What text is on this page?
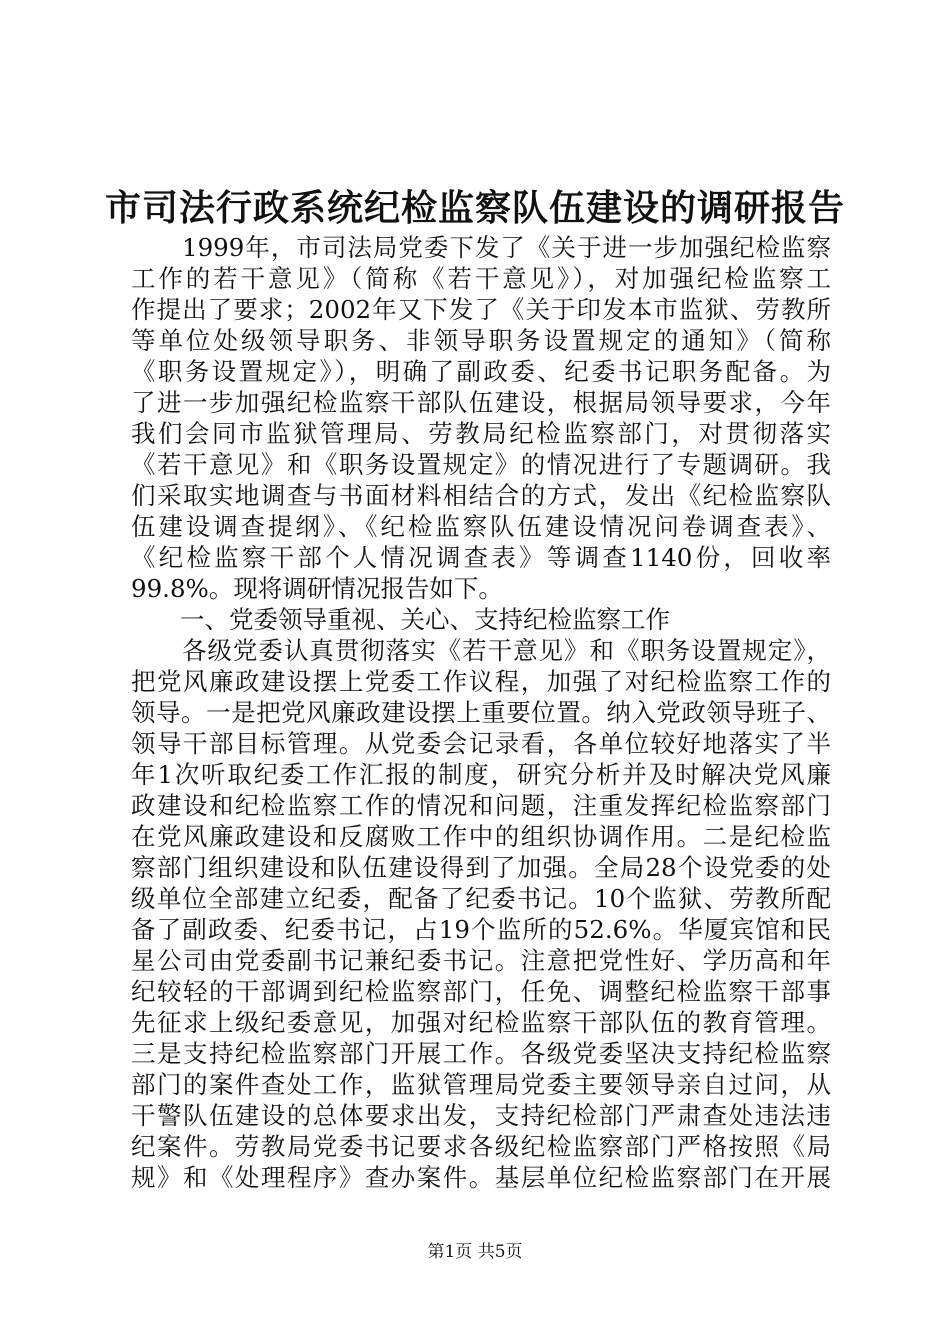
市司法行政系统纪检监察队伍建设的调研报告
　　1999年，市司法局党委下发了《关于进一步加强纪检监察
工作的若干意见》（简称《若干意见》），对加强纪检监察工
作提出了要求；2002年又下发了《关于印发本市监狱、劳教所
等单位处级领导职务、非领导职务设置规定的通知》（简称
《职务设置规定》），明确了副政委、纪委书记职务配备。为
了进一步加强纪检监察干部队伍建设，根据局领导要求，今年
我们会同市监狱管理局、劳教局纪检监察部门，对贯彻落实
《若干意见》和《职务设置规定》的情况进行了专题调研。我
们采取实地调查与书面材料相结合的方式，发出《纪检监察队
伍建设调查提纲》、《纪检监察队伍建设情况问卷调查表》、
《纪检监察干部个人情况调查表》等调查1140份，回收率
99.8%。现将调研情况报告如下。
　　一、党委领导重视、关心、支持纪检监察工作
　　各级党委认真贯彻落实《若干意见》和《职务设置规定》，
把党风廉政建设摆上党委工作议程，加强了对纪检监察工作的
领导。一是把党风廉政建设摆上重要位置。纳入党政领导班子、
领导干部目标管理。从党委会记录看，各单位较好地落实了半
年1次听取纪委工作汇报的制度，研究分析并及时解决党风廉
政建设和纪检监察工作的情况和问题，注重发挥纪检监察部门
在党风廉政建设和反腐败工作中的组织协调作用。二是纪检监
察部门组织建设和队伍建设得到了加强。全局28个设党委的处
级单位全部建立纪委，配备了纪委书记。10个监狱、劳教所配
备了副政委、纪委书记，占19个监所的52.6%。华厦宾馆和民
星公司由党委副书记兼纪委书记。注意把党性好、学历高和年
纪较轻的干部调到纪检监察部门，任免、调整纪检监察干部事
先征求上级纪委意见，加强对纪检监察干部队伍的教育管理。
三是支持纪检监察部门开展工作。各级党委坚决支持纪检监察
部门的案件查处工作，监狱管理局党委主要领导亲自过问，从
干警队伍建设的总体要求出发，支持纪检部门严肃查处违法违
纪案件。劳教局党委书记要求各级纪检监察部门严格按照《局
规》和《处理程序》查办案件。基层单位纪检监察部门在开展
第1页 共5页
